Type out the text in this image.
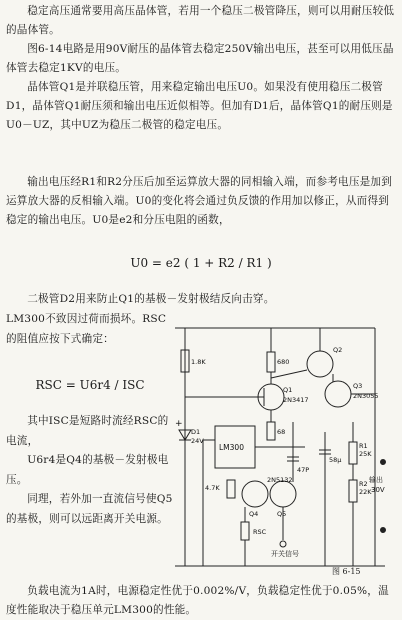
稳定高压通常要用高压晶体管，若用一个稳压二极管降压，则可以用耐压较低的晶体管。
图6-14电路是用90V耐压的晶体管去稳定250V输出电压，甚至可以用低压晶体管去稳定1KV的电压。
晶体管Q1是并联稳压管，用来稳定输出电压U0。如果没有使用稳压二极管D1，晶体管Q1耐压须和输出电压近似相等。但加有D1后，晶体管Q1的耐压则是U0－UZ，其中UZ为稳压二极管的稳定电压。
输出电压经R1和R2分压后加至运算放大器的同相输入端，而参考电压是加到运算放大器的反相输入端。U0的变化将会通过负反馈的作用加以修正，从而得到稳定的输出电压。U0是e2和分压电阻的函数，
U0 = e2 ( 1 + R2 / R1 )
二极管D2用来防止Q1的基极－发射极结反向击穿。
LM300不致因过荷而损坏。RSC的阻值应按下式确定：
RSC = U6r4 / ISC
其中ISC是短路时流经RSC的电流，
U6r4是Q4的基极－发射极电压。
同理，若外加一直流信号使Q5的基极，则可以远距离开关电源。
1.8K	680
Q2
Q1
2N3417
Q3
2N3055
68
D1
24V
+
LM300
47P
58μ
R1
25K
R2
22K
2N5132
Q4	Q5
4.7K
RSC
输出
30V
开关信号
图 6-15
负载电流为1A时，电源稳定性优于0.002%/V，负载稳定性优于0.05%，温度性能取决于稳压单元LM300的性能。
